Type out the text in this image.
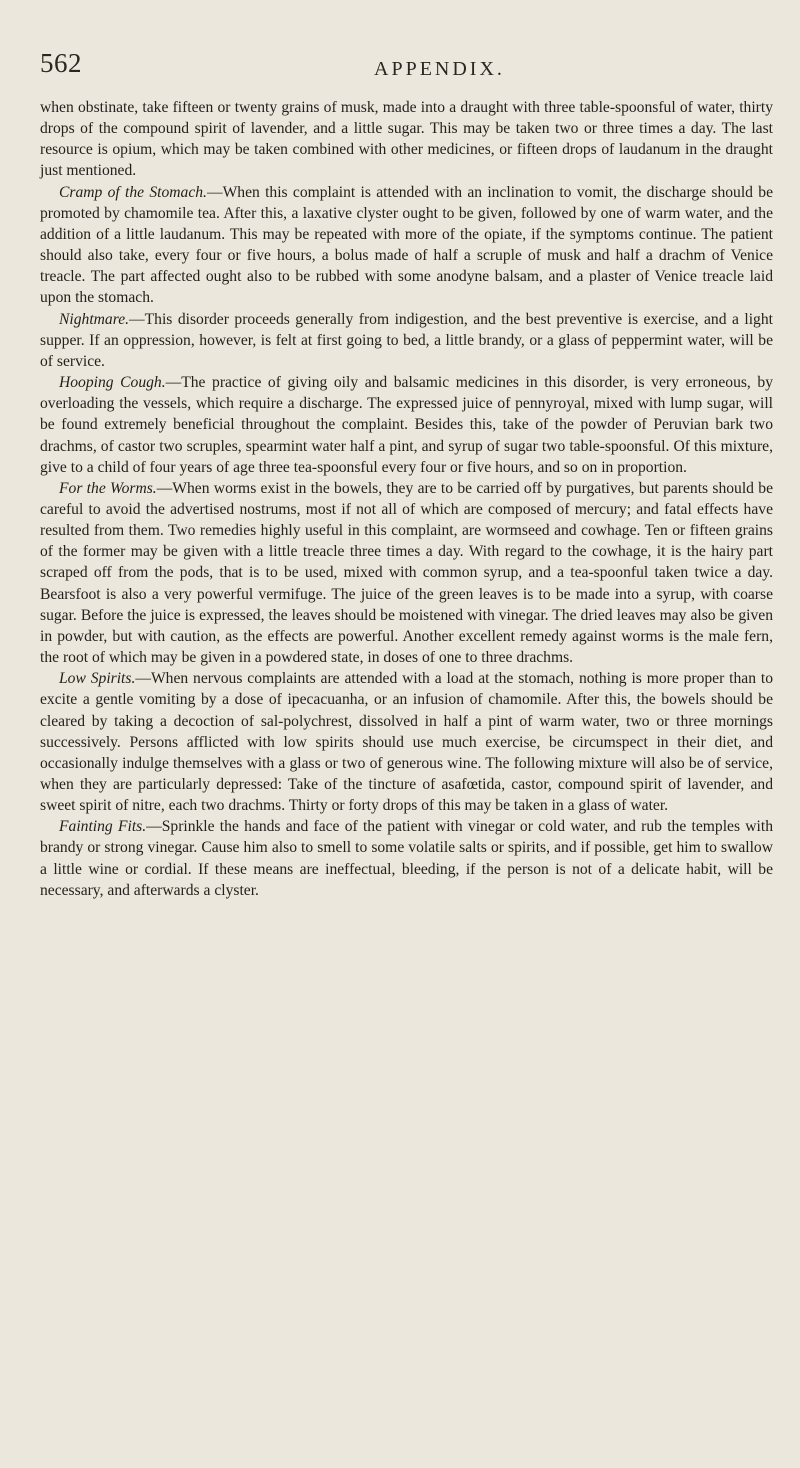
562	APPENDIX.

when obstinate, take fifteen or twenty grains of musk, made into a draught with three table-spoonsful of water, thirty drops of the compound spirit of lavender, and a little sugar. This may be taken two or three times a day. The last resource is opium, which may be taken combined with other medicines, or fifteen drops of laudanum in the draught just mentioned.

Cramp of the Stomach.—When this complaint is attended with an inclination to vomit, the discharge should be promoted by chamomile tea. After this, a laxative clyster ought to be given, followed by one of warm water, and the addition of a little laudanum. This may be repeated with more of the opiate, if the symptoms continue. The patient should also take, every four or five hours, a bolus made of half a scruple of musk and half a drachm of Venice treacle. The part affected ought also to be rubbed with some anodyne balsam, and a plaster of Venice treacle laid upon the stomach.

Nightmare.—This disorder proceeds generally from indigestion, and the best preventive is exercise, and a light supper. If an oppression, however, is felt at first going to bed, a little brandy, or a glass of peppermint water, will be of service.

Hooping Cough.—The practice of giving oily and balsamic medicines in this disorder, is very erroneous, by overloading the vessels, which require a discharge. The expressed juice of pennyroyal, mixed with lump sugar, will be found extremely beneficial throughout the complaint. Besides this, take of the powder of Peruvian bark two drachms, of castor two scruples, spearmint water half a pint, and syrup of sugar two table-spoonsful. Of this mixture, give to a child of four years of age three tea-spoonsful every four or five hours, and so on in proportion.

For the Worms.—When worms exist in the bowels, they are to be carried off by purgatives, but parents should be careful to avoid the advertised nostrums, most if not all of which are composed of mercury; and fatal effects have resulted from them. Two remedies highly useful in this complaint, are wormseed and cowhage. Ten or fifteen grains of the former may be given with a little treacle three times a day. With regard to the cowhage, it is the hairy part scraped off from the pods, that is to be used, mixed with common syrup, and a tea-spoonful taken twice a day. Bearsfoot is also a very powerful vermifuge. The juice of the green leaves is to be made into a syrup, with coarse sugar. Before the juice is expressed, the leaves should be moistened with vinegar. The dried leaves may also be given in powder, but with caution, as the effects are powerful. Another excellent remedy against worms is the male fern, the root of which may be given in a powdered state, in doses of one to three drachms.

Low Spirits.—When nervous complaints are attended with a load at the stomach, nothing is more proper than to excite a gentle vomiting by a dose of ipecacuanha, or an infusion of chamomile. After this, the bowels should be cleared by taking a decoction of sal-polychrest, dissolved in half a pint of warm water, two or three mornings successively. Persons afflicted with low spirits should use much exercise, be circumspect in their diet, and occasionally indulge themselves with a glass or two of generous wine. The following mixture will also be of service, when they are particularly depressed: Take of the tincture of asafœtida, castor, compound spirit of lavender, and sweet spirit of nitre, each two drachms. Thirty or forty drops of this may be taken in a glass of water.

Fainting Fits.—Sprinkle the hands and face of the patient with vinegar or cold water, and rub the temples with brandy or strong vinegar. Cause him also to smell to some volatile salts or spirits, and if possible, get him to swallow a little wine or cordial. If these means are ineffectual, bleeding, if the person is not of a delicate habit, will be necessary, and afterwards a clyster.
